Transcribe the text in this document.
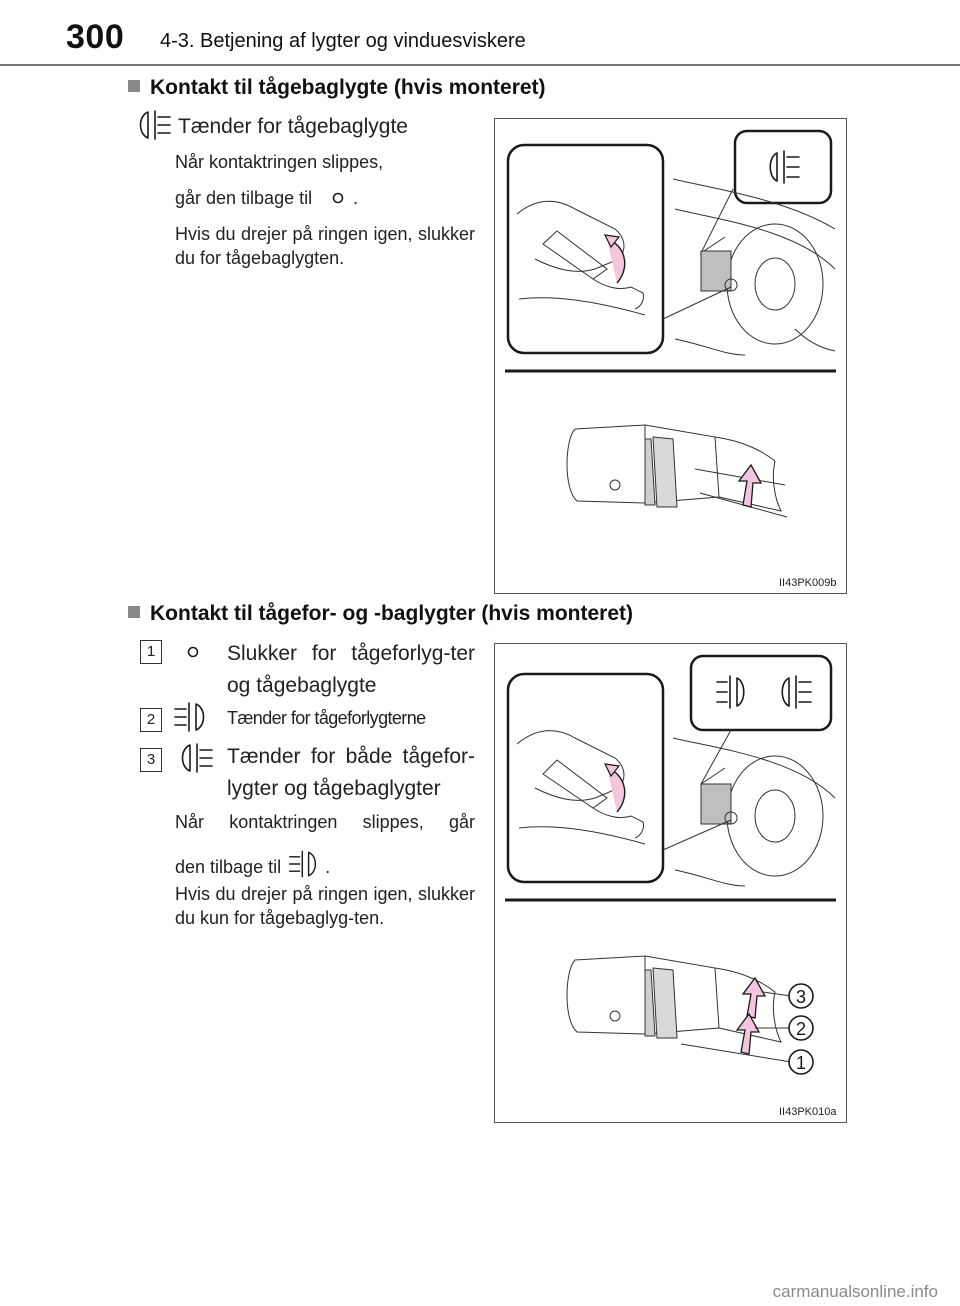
300 4-3. Betjening af lygter og vinduesviskere
Kontakt til tågebaglygte (hvis monteret)
Tænder for tågebaglygte
Når kontaktringen slippes,
går den tilbage til .
Hvis du drejer på ringen igen, slukker du for tågebaglygten.
II43PK009b
Kontakt til tågefor- og -baglygter (hvis monteret)
1	Slukker for tågeforlyg-ter og tågebaglygte
2	Tænder for tågeforlygterne
3	Tænder for både tågefor-lygter og tågebaglygter
Når kontaktringen slippes, går
den tilbage til .
Hvis du drejer på ringen igen, slukker du kun for tågebaglyg-ten.
3
2
1
II43PK010a
carmanualsonline.info
